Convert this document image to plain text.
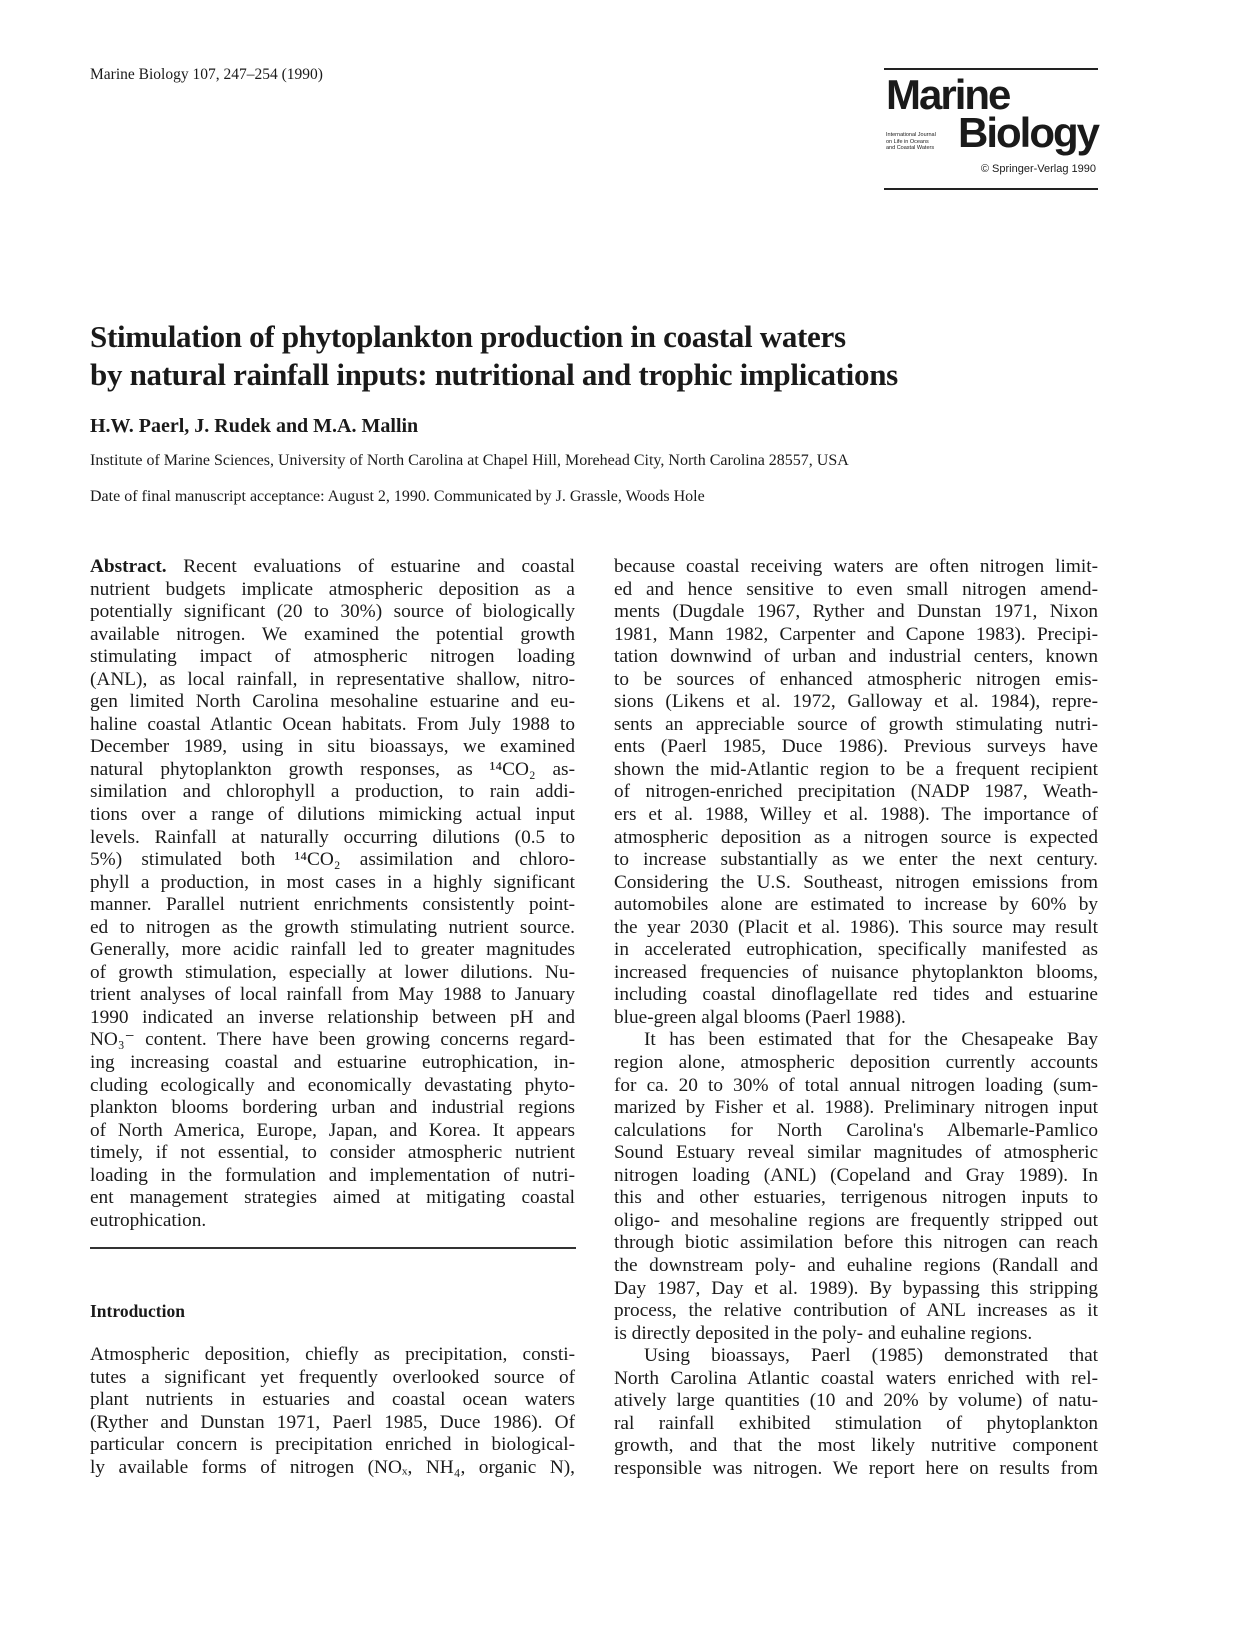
Marine Biology 107, 247–254 (1990)	Marine
International Journal
on Life in Oceans
and Coastal Waters Biology
© Springer-Verlag 1990
Stimulation of phytoplankton production in coastal waters
by natural rainfall inputs: nutritional and trophic implications
H.W. Paerl, J. Rudek and M.A. Mallin
Institute of Marine Sciences, University of North Carolina at Chapel Hill, Morehead City, North Carolina 28557, USA
Date of final manuscript acceptance: August 2, 1990. Communicated by J. Grassle, Woods Hole
Abstract. Recent evaluations of estuarine and coastal
nutrient budgets implicate atmospheric deposition as a
potentially significant (20 to 30%) source of biologically
available nitrogen. We examined the potential growth
stimulating impact of atmospheric nitrogen loading
(ANL), as local rainfall, in representative shallow, nitro-
gen limited North Carolina mesohaline estuarine and eu-
haline coastal Atlantic Ocean habitats. From July 1988 to
December 1989, using in situ bioassays, we examined
natural phytoplankton growth responses, as ¹⁴CO₂ as-
similation and chlorophyll a production, to rain addi-
tions over a range of dilutions mimicking actual input
levels. Rainfall at naturally occurring dilutions (0.5 to
5%) stimulated both ¹⁴CO₂ assimilation and chloro-
phyll a production, in most cases in a highly significant
manner. Parallel nutrient enrichments consistently point-
ed to nitrogen as the growth stimulating nutrient source.
Generally, more acidic rainfall led to greater magnitudes
of growth stimulation, especially at lower dilutions. Nu-
trient analyses of local rainfall from May 1988 to January
1990 indicated an inverse relationship between pH and
NO₃⁻ content. There have been growing concerns regard-
ing increasing coastal and estuarine eutrophication, in-
cluding ecologically and economically devastating phyto-
plankton blooms bordering urban and industrial regions
of North America, Europe, Japan, and Korea. It appears
timely, if not essential, to consider atmospheric nutrient
loading in the formulation and implementation of nutri-
ent management strategies aimed at mitigating coastal
eutrophication.
Introduction
Atmospheric deposition, chiefly as precipitation, consti-
tutes a significant yet frequently overlooked source of
plant nutrients in estuaries and coastal ocean waters
(Ryther and Dunstan 1971, Paerl 1985, Duce 1986). Of
particular concern is precipitation enriched in biological-
ly available forms of nitrogen (NOₓ, NH₄, organic N),
because coastal receiving waters are often nitrogen limit-
ed and hence sensitive to even small nitrogen amend-
ments (Dugdale 1967, Ryther and Dunstan 1971, Nixon
1981, Mann 1982, Carpenter and Capone 1983). Precipi-
tation downwind of urban and industrial centers, known
to be sources of enhanced atmospheric nitrogen emis-
sions (Likens et al. 1972, Galloway et al. 1984), repre-
sents an appreciable source of growth stimulating nutri-
ents (Paerl 1985, Duce 1986). Previous surveys have
shown the mid-Atlantic region to be a frequent recipient
of nitrogen-enriched precipitation (NADP 1987, Weath-
ers et al. 1988, Willey et al. 1988). The importance of
atmospheric deposition as a nitrogen source is expected
to increase substantially as we enter the next century.
Considering the U.S. Southeast, nitrogen emissions from
automobiles alone are estimated to increase by 60% by
the year 2030 (Placit et al. 1986). This source may result
in accelerated eutrophication, specifically manifested as
increased frequencies of nuisance phytoplankton blooms,
including coastal dinoflagellate red tides and estuarine
blue-green algal blooms (Paerl 1988).
It has been estimated that for the Chesapeake Bay
region alone, atmospheric deposition currently accounts
for ca. 20 to 30% of total annual nitrogen loading (sum-
marized by Fisher et al. 1988). Preliminary nitrogen input
calculations for North Carolina's Albemarle-Pamlico
Sound Estuary reveal similar magnitudes of atmospheric
nitrogen loading (ANL) (Copeland and Gray 1989). In
this and other estuaries, terrigenous nitrogen inputs to
oligo- and mesohaline regions are frequently stripped out
through biotic assimilation before this nitrogen can reach
the downstream poly- and euhaline regions (Randall and
Day 1987, Day et al. 1989). By bypassing this stripping
process, the relative contribution of ANL increases as it
is directly deposited in the poly- and euhaline regions.
Using bioassays, Paerl (1985) demonstrated that
North Carolina Atlantic coastal waters enriched with rel-
atively large quantities (10 and 20% by volume) of natu-
ral rainfall exhibited stimulation of phytoplankton
growth, and that the most likely nutritive component
responsible was nitrogen. We report here on results from
